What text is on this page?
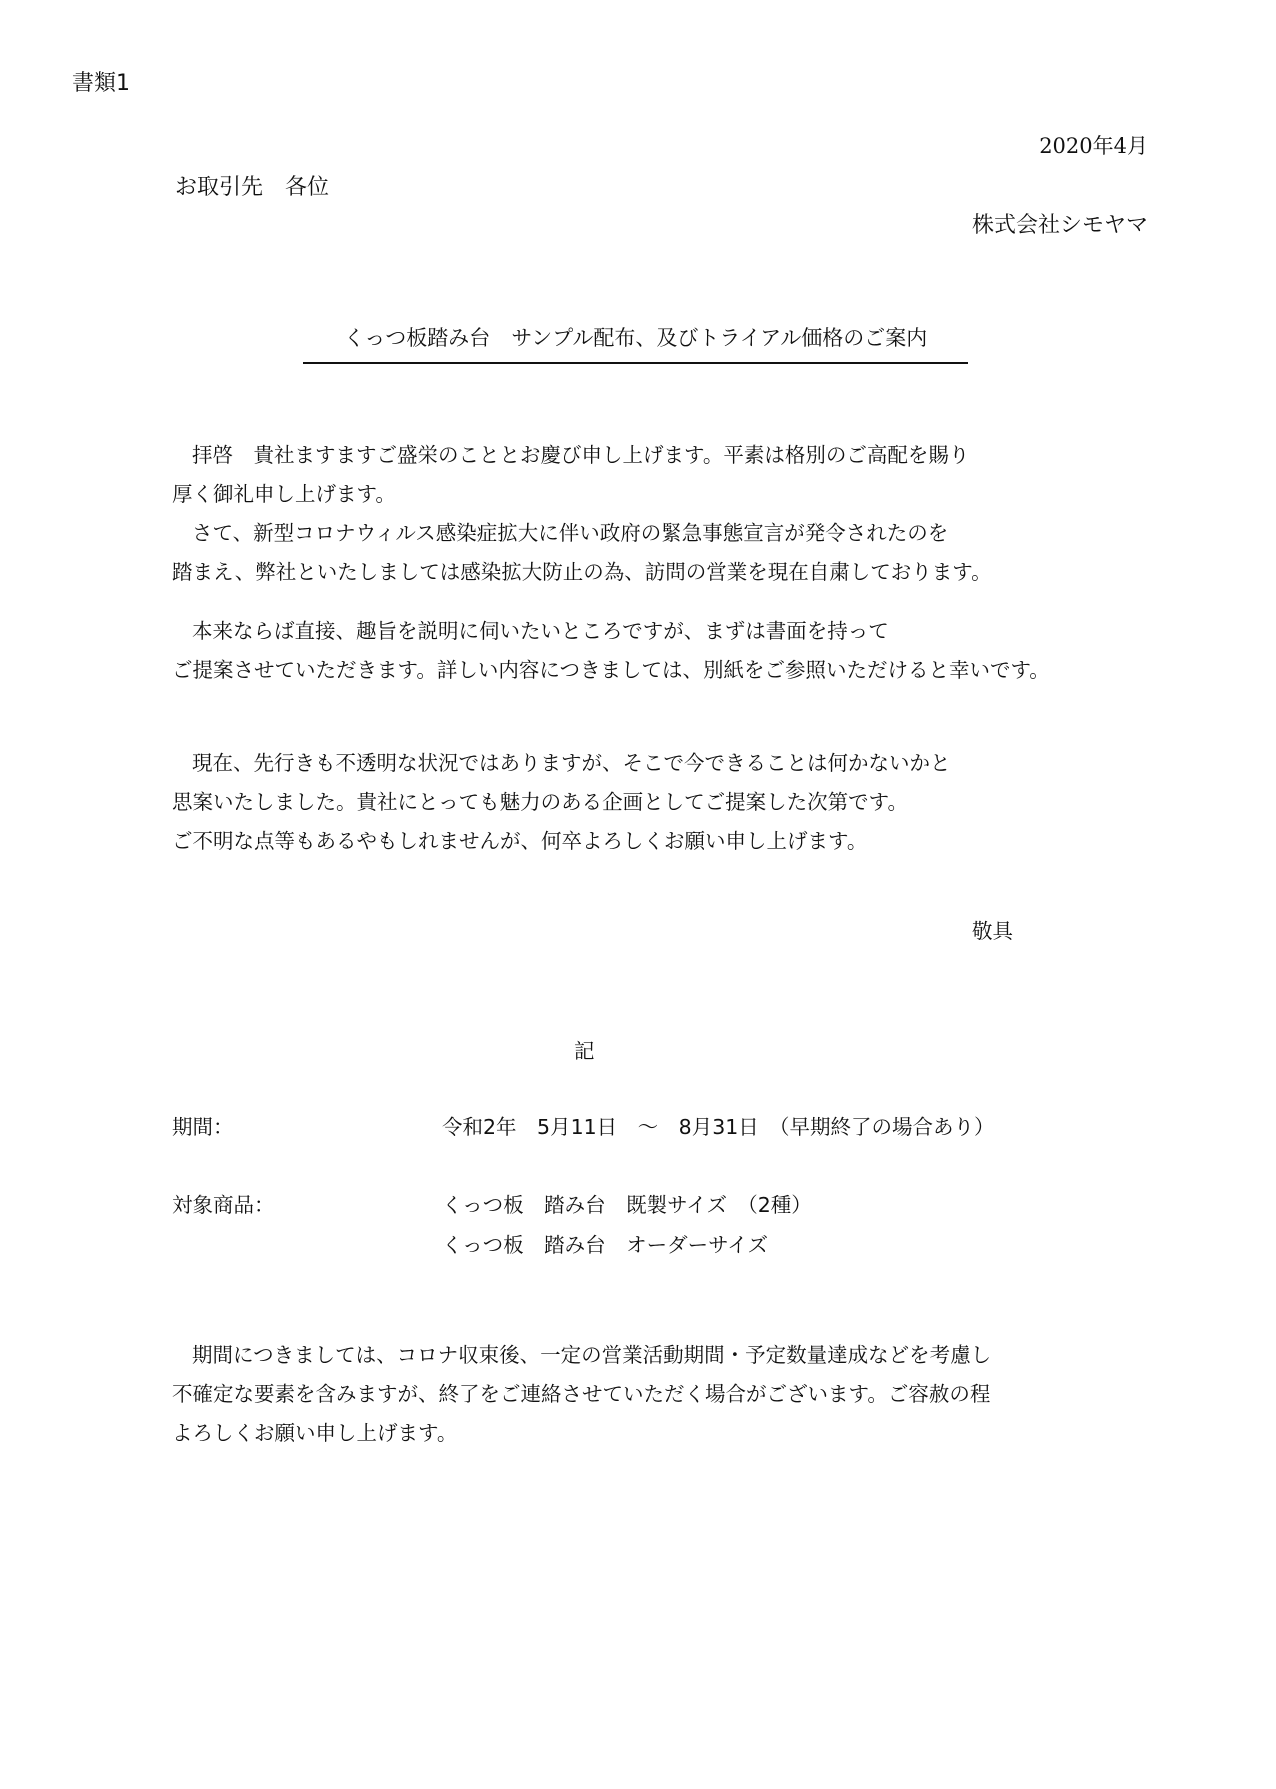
書類1
2020年4月
お取引先　各位
株式会社シモヤマ
くっつ板踏み台　サンプル配布、及びトライアル価格のご案内
拝啓　貴社ますますご盛栄のこととお慶び申し上げます。平素は格別のご高配を賜り
厚く御礼申し上げます。
さて、新型コロナウィルス感染症拡大に伴い政府の緊急事態宣言が発令されたのを
踏まえ、弊社といたしましては感染拡大防止の為、訪問の営業を現在自粛しております。
本来ならば直接、趣旨を説明に伺いたいところですが、まずは書面を持って
ご提案させていただきます。詳しい内容につきましては、別紙をご参照いただけると幸いです。
現在、先行きも不透明な状況ではありますが、そこで今できることは何かないかと
思案いたしました。貴社にとっても魅力のある企画としてご提案した次第です。
ご不明な点等もあるやもしれませんが、何卒よろしくお願い申し上げます。
敬具
記
期間：	令和2年　5月11日　～　8月31日　（早期終了の場合あり）
対象商品：	くっつ板　踏み台　既製サイズ　（2種）
くっつ板　踏み台　オーダーサイズ
期間につきましては、コロナ収束後、一定の営業活動期間・予定数量達成などを考慮し
不確定な要素を含みますが、終了をご連絡させていただく場合がございます。ご容赦の程
よろしくお願い申し上げます。
